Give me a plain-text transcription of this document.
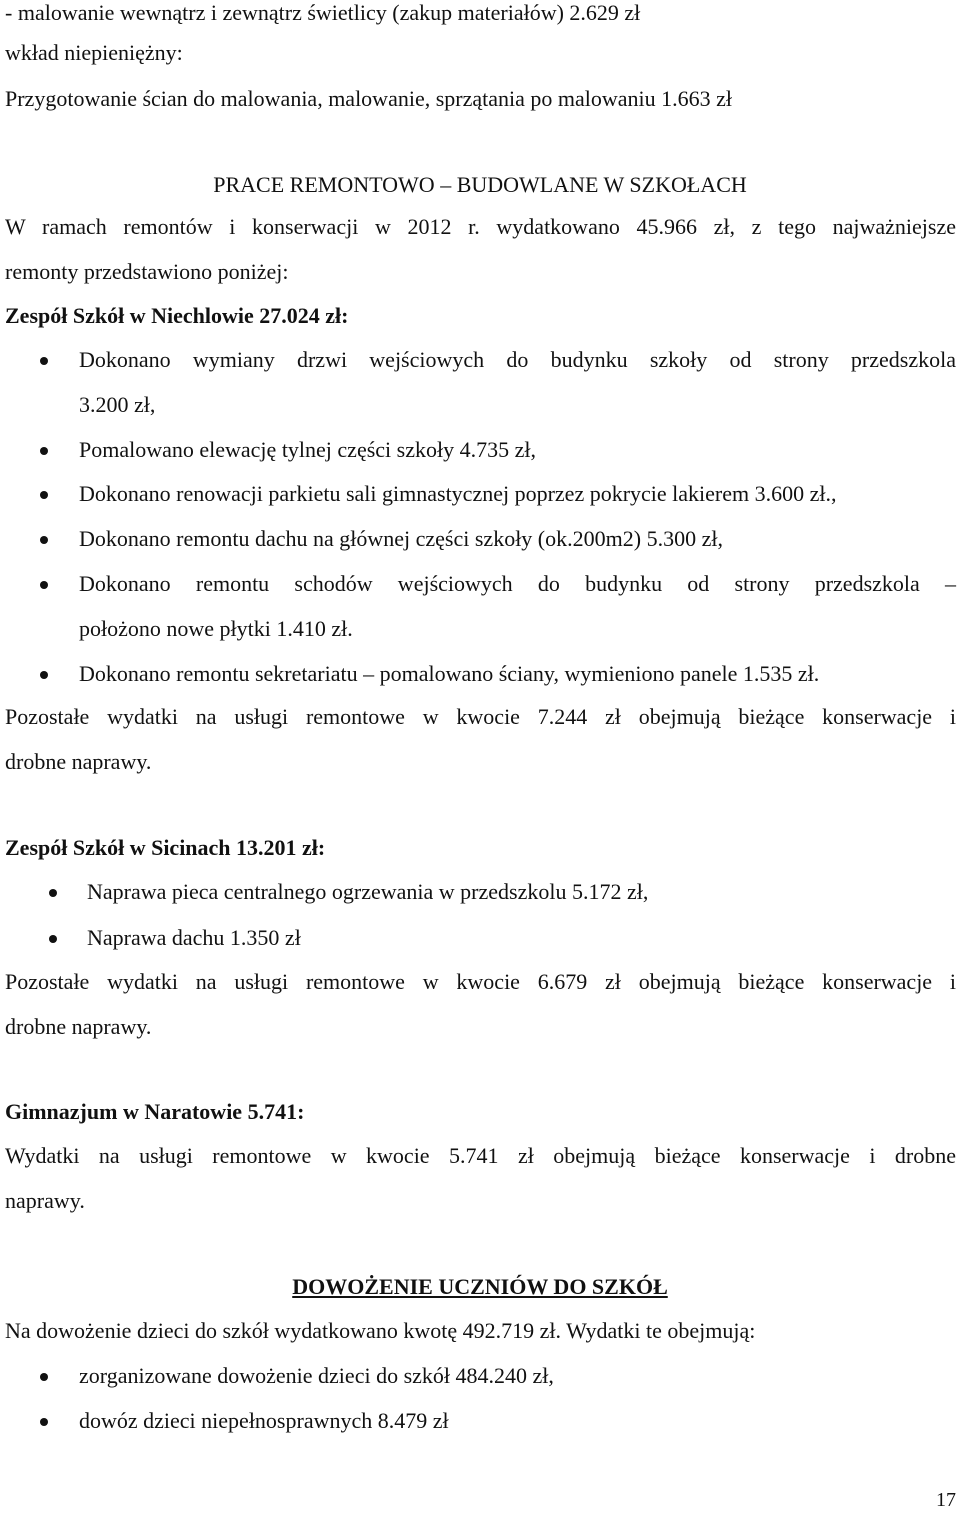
- malowanie wewnątrz i zewnątrz świetlicy (zakup materiałów) 2.629 zł
wkład niepieniężny:
Przygotowanie ścian do malowania, malowanie, sprzątania po malowaniu 1.663 zł
PRACE REMONTOWO – BUDOWLANE W SZKOŁACH
W ramach remontów i konserwacji w 2012 r. wydatkowano 45.966 zł, z tego najważniejsze
remonty przedstawiono poniżej:
Zespół Szkół w Niechlowie 27.024 zł:
Dokonano wymiany drzwi wejściowych do budynku szkoły od strony przedszkola
3.200 zł,
Pomalowano elewację tylnej części szkoły 4.735 zł,
Dokonano renowacji parkietu sali gimnastycznej poprzez pokrycie lakierem 3.600 zł.,
Dokonano remontu dachu na głównej części szkoły (ok.200m2) 5.300 zł,
Dokonano remontu schodów wejściowych do budynku od strony przedszkola –
położono nowe płytki 1.410 zł.
Dokonano remontu sekretariatu – pomalowano ściany, wymieniono panele 1.535 zł.
Pozostałe wydatki na usługi remontowe w kwocie 7.244 zł obejmują bieżące konserwacje i
drobne naprawy.
Zespół Szkół w Sicinach 13.201 zł:
Naprawa pieca centralnego ogrzewania w przedszkolu 5.172 zł,
Naprawa dachu 1.350 zł
Pozostałe wydatki na usługi remontowe w kwocie 6.679 zł obejmują bieżące konserwacje i
drobne naprawy.
Gimnazjum w Naratowie 5.741:
Wydatki na usługi remontowe w kwocie 5.741 zł obejmują bieżące konserwacje i drobne
naprawy.
DOWOŻENIE UCZNIÓW DO SZKÓŁ
Na dowożenie dzieci do szkół wydatkowano kwotę 492.719 zł. Wydatki te obejmują:
zorganizowane dowożenie dzieci do szkół 484.240 zł,
dowóz dzieci niepełnosprawnych 8.479 zł
17
